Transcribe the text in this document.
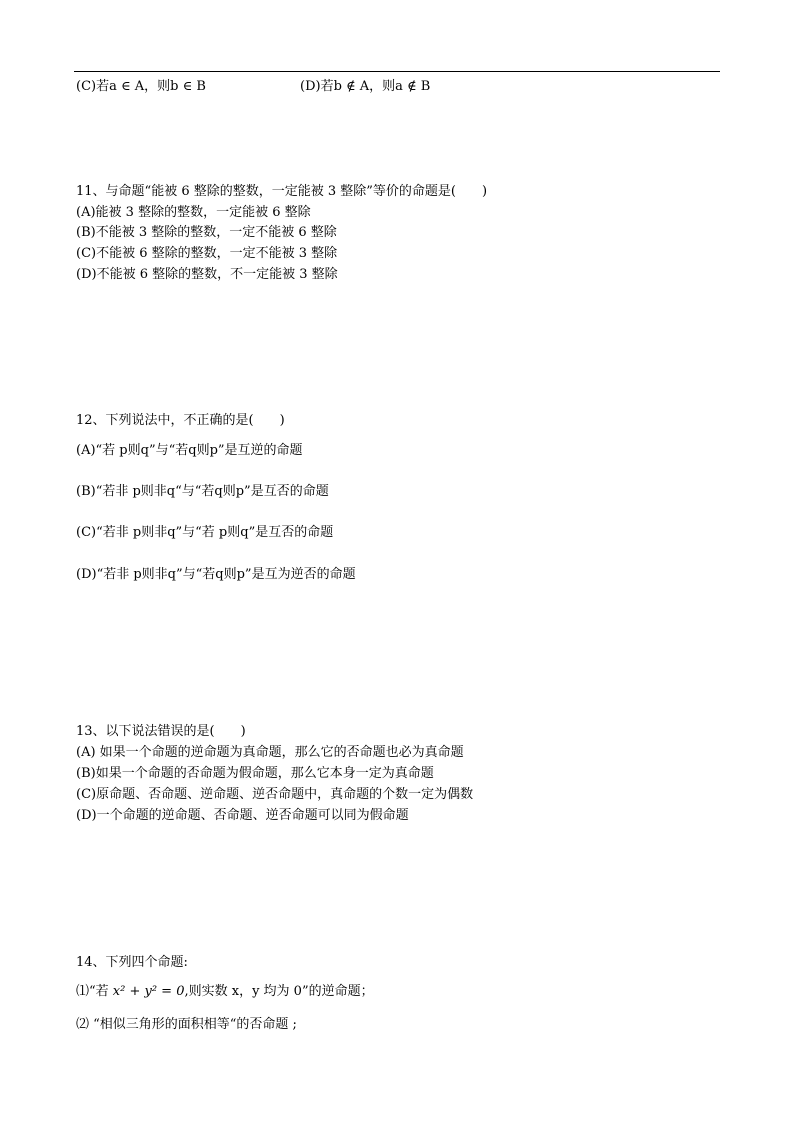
(C)若a ∈ A，则b ∈ B	(D)若b ∉ A，则a ∉ B
11、与命题“能被 6 整除的整数，一定能被 3 整除”等价的命题是(　　)
(A)能被 3 整除的整数，一定能被 6 整除
(B)不能被 3 整除的整数，一定不能被 6 整除
(C)不能被 6 整除的整数，一定不能被 3 整除
(D)不能被 6 整除的整数，不一定能被 3 整除
12、下列说法中，不正确的是(　　)
(A)“若 p则q”与“若q则p”是互逆的命题
(B)“若非 p则非q“与“若q则p”是互否的命题
(C)“若非 p则非q”与“若 p则q”是互否的命题
(D)“若非 p则非q”与“若q则p”是互为逆否的命题
13、以下说法错误的是(　　)
(A) 如果一个命题的逆命题为真命题，那么它的否命题也必为真命题
(B)如果一个命题的否命题为假命题，那么它本身一定为真命题
(C)原命题、否命题、逆命题、逆否命题中，真命题的个数一定为偶数
(D)一个命题的逆命题、否命题、逆否命题可以同为假命题
14、下列四个命题:
⑴“若 x² + y² = 0,则实数 x，y 均为 0”的逆命题；
⑵ “相似三角形的面积相等“的否命题 ;
